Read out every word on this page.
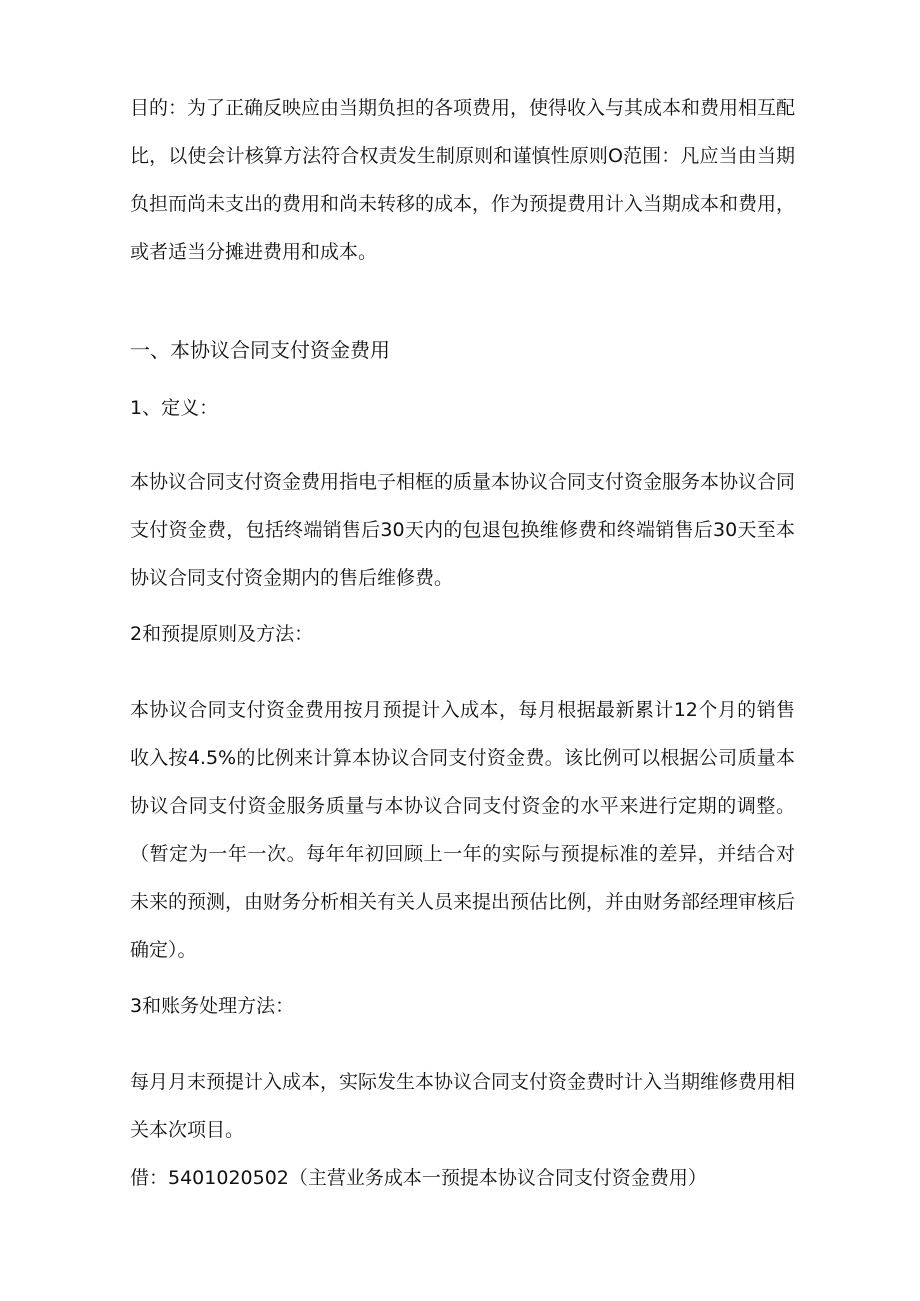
目的：为了正确反映应由当期负担的各项费用，使得收入与其成本和费用相互配比，以使会计核算方法符合权责发生制原则和谨慎性原则O范围：凡应当由当期负担而尚未支出的费用和尚未转移的成本，作为预提费用计入当期成本和费用，或者适当分摊进费用和成本。

一、本协议合同支付资金费用

1、定义：

本协议合同支付资金费用指电子相框的质量本协议合同支付资金服务本协议合同支付资金费，包括终端销售后30天内的包退包换维修费和终端销售后30天至本协议合同支付资金期内的售后维修费。

2和预提原则及方法：

本协议合同支付资金费用按月预提计入成本，每月根据最新累计12个月的销售收入按4.5%的比例来计算本协议合同支付资金费。该比例可以根据公司质量本协议合同支付资金服务质量与本协议合同支付资金的水平来进行定期的调整。（暂定为一年一次。每年年初回顾上一年的实际与预提标准的差异，并结合对未来的预测，由财务分析相关有关人员来提出预估比例，并由财务部经理审核后确定）。

3和账务处理方法：

每月月末预提计入成本，实际发生本协议合同支付资金费时计入当期维修费用相关本次项目。

借：5401020502（主营业务成本一预提本协议合同支付资金费用）
